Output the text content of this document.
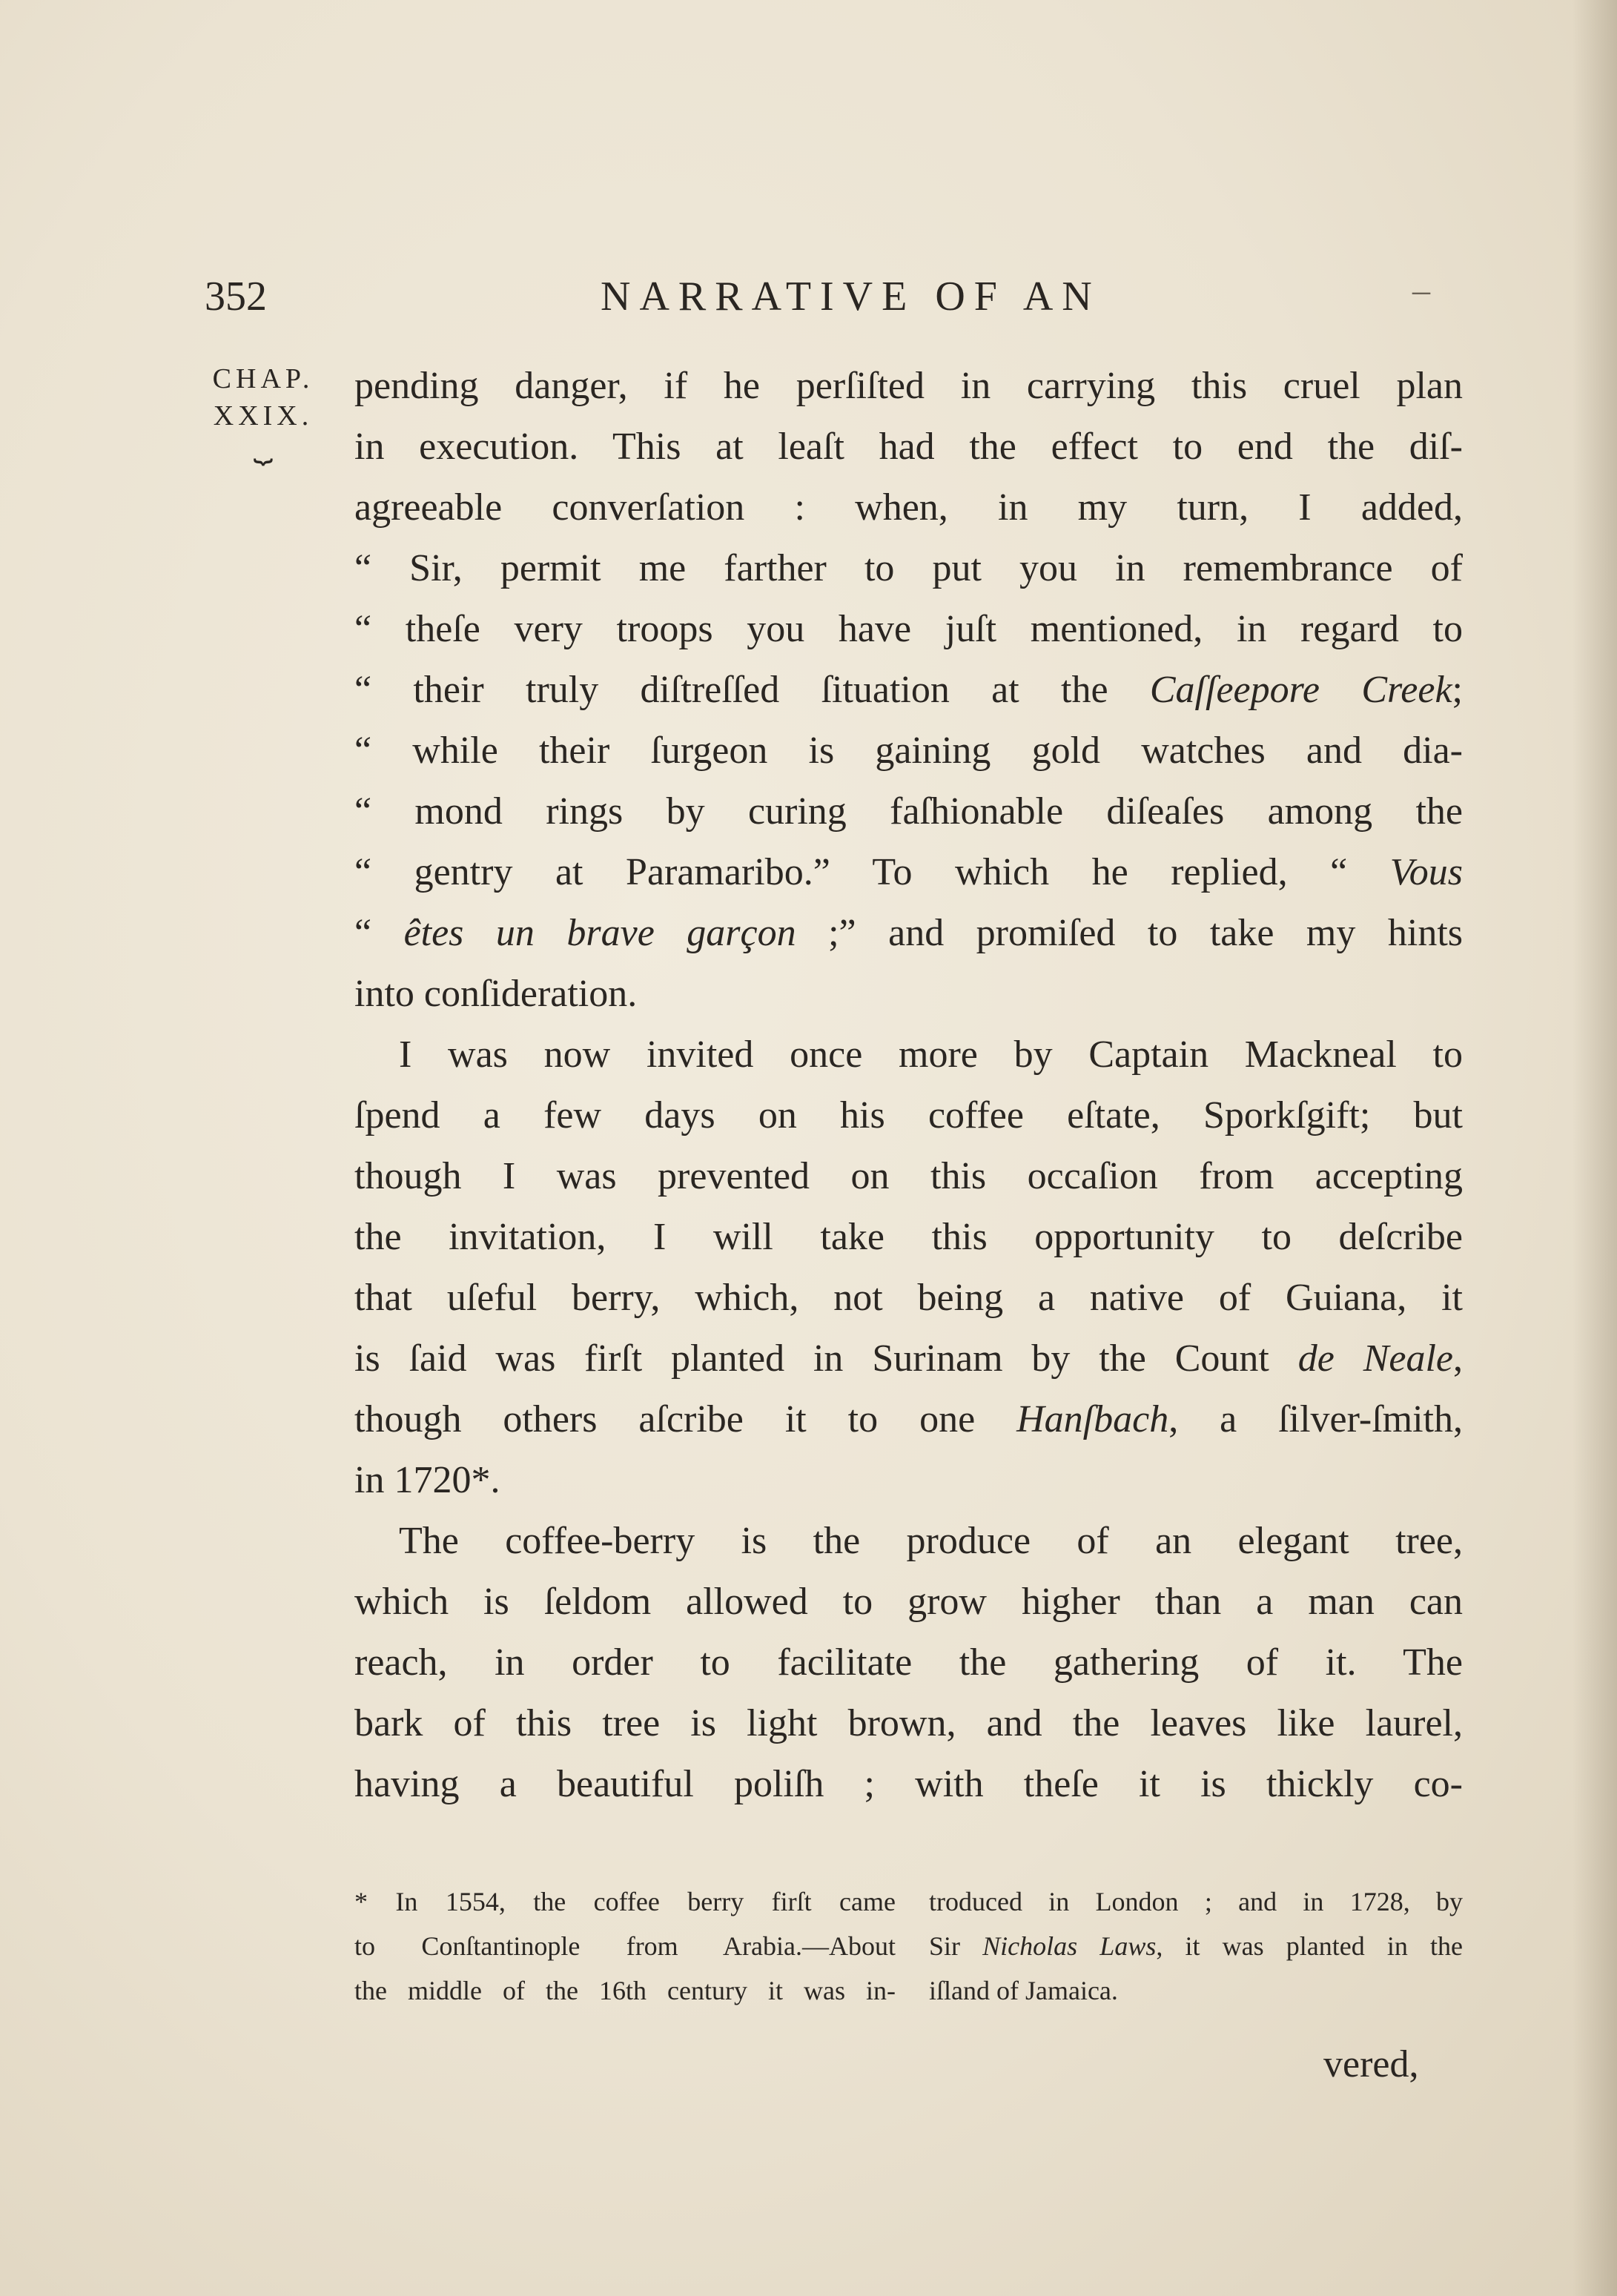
352	NARRATIVE OF AN	–
CHAP.
XXIX.
⏟
pending danger, if he perſiſted in carrying this cruel plan
in execution. This at leaſt had the effect to end the diſ-
agreeable converſation : when, in my turn, I added,
“ Sir, permit me farther to put you in remembrance of
“ theſe very troops you have juſt mentioned, in regard to
“ their truly diſtreſſed ſituation at the Caſſeepore Creek;
“ while their ſurgeon is gaining gold watches and dia-
“ mond rings by curing faſhionable diſeaſes among the
“ gentry at Paramaribo.” To which he replied, “ Vous
“ êtes un brave garçon ;” and promiſed to take my hints
into conſideration.
I was now invited once more by Captain Mackneal to
ſpend a few days on his coffee eſtate, Sporkſgift; but
though I was prevented on this occaſion from accepting
the invitation, I will take this opportunity to deſcribe
that uſeful berry, which, not being a native of Guiana, it
is ſaid was firſt planted in Surinam by the Count de Neale,
though others aſcribe it to one Hanſbach, a ſilver-ſmith,
in 1720*.
The coffee-berry is the produce of an elegant tree,
which is ſeldom allowed to grow higher than a man can
reach, in order to facilitate the gathering of it. The
bark of this tree is light brown, and the leaves like laurel,
having a beautiful poliſh ; with theſe it is thickly co-
* In 1554, the coffee berry firſt came
to Conſtantinople from Arabia.—About
the middle of the 16th century it was in-
troduced in London ; and in 1728, by
Sir Nicholas Laws, it was planted in the
iſland of Jamaica.
vered,
